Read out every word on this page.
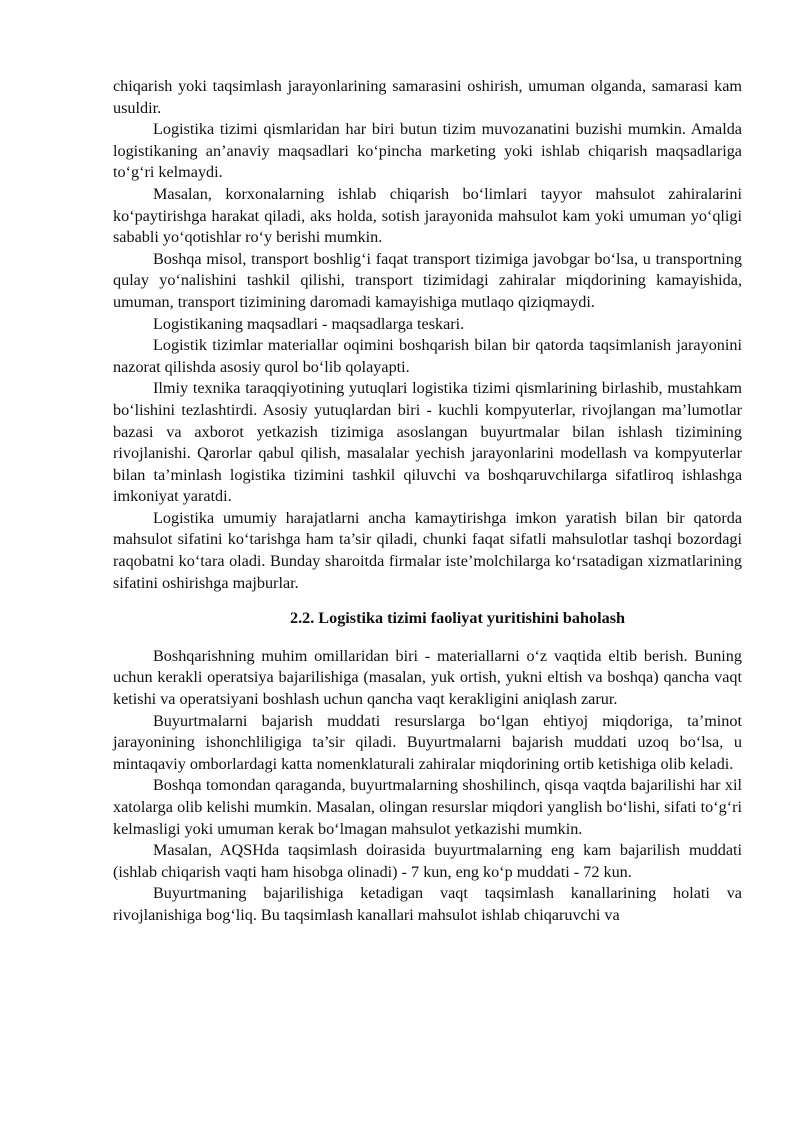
chiqarish yoki taqsimlash jarayonlarining samarasini oshirish, umuman olganda, samarasi kam usuldir.

Logistika tizimi qismlaridan har biri butun tizim muvozanatini buzishi mumkin. Amalda logistikaning an’anaviy maqsadlari ko‘pincha marketing yoki ishlab chiqarish maqsadlariga to‘g‘ri kelmaydi.

Masalan, korxonalarning ishlab chiqarish bo‘limlari tayyor mahsulot zahiralarini ko‘paytirishga harakat qiladi, aks holda, sotish jarayonida mahsulot kam yoki umuman yo‘qligi sababli yo‘qotishlar ro‘y berishi mumkin.

Boshqa misol, transport boshlig‘i faqat transport tizimiga javobgar bo‘lsa, u transportning qulay yo‘nalishini tashkil qilishi, transport tizimidagi zahiralar miqdorining kamayishida, umuman, transport tizimining daromadi kamayishiga mutlaqo qiziqmaydi.

Logistikaning maqsadlari - maqsadlarga teskari.

Logistik tizimlar materiallar oqimini boshqarish bilan bir qatorda taqsimlanish jarayonini nazorat qilishda asosiy qurol bo‘lib qolayapti.

Ilmiy texnika taraqqiyotining yutuqlari logistika tizimi qismlarining birlashib, mustahkam bo‘lishini tezlashtirdi. Asosiy yutuqlardan biri - kuchli kompyuterlar, rivojlangan ma’lumotlar bazasi va axborot yetkazish tizimiga asoslangan buyurtmalar bilan ishlash tizimining rivojlanishi. Qarorlar qabul qilish, masalalar yechish jarayonlarini modellash va kompyuterlar bilan ta’minlash logistika tizimini tashkil qiluvchi va boshqaruvchilarga sifatliroq ishlashga imkoniyat yaratdi.

Logistika umumiy harajatlarni ancha kamaytirishga imkon yaratish bilan bir qatorda mahsulot sifatini ko‘tarishga ham ta’sir qiladi, chunki faqat sifatli mahsulotlar tashqi bozordagi raqobatni ko‘tara oladi. Bunday sharoitda firmalar iste’molchilarga ko‘rsatadigan xizmatlarining sifatini oshirishga majburlar.

2.2. Logistika tizimi faoliyat yuritishini baholash

Boshqarishning muhim omillaridan biri - materiallarni o‘z vaqtida eltib berish. Buning uchun kerakli operatsiya bajarilishiga (masalan, yuk ortish, yukni eltish va boshqa) qancha vaqt ketishi va operatsiyani boshlash uchun qancha vaqt kerakligini aniqlash zarur.

Buyurtmalarni bajarish muddati resurslarga bo‘lgan ehtiyoj miqdoriga, ta’minot jarayonining ishonchliligiga ta’sir qiladi. Buyurtmalarni bajarish muddati uzoq bo‘lsa, u mintaqaviy omborlardagi katta nomenklaturali zahiralar miqdorining ortib ketishiga olib keladi.

Boshqa tomondan qaraganda, buyurtmalarning shoshilinch, qisqa vaqtda bajarilishi har xil xatolarga olib kelishi mumkin. Masalan, olingan resurslar miqdori yanglish bo‘lishi, sifati to‘g‘ri kelmasligi yoki umuman kerak bo‘lmagan mahsulot yetkazishi mumkin.

Masalan, AQSHda taqsimlash doirasida buyurtmalarning eng kam bajarilish muddati (ishlab chiqarish vaqti ham hisobga olinadi) - 7 kun, eng ko‘p muddati - 72 kun.

Buyurtmaning bajarilishiga ketadigan vaqt taqsimlash kanallarining holati va rivojlanishiga bog‘liq. Bu taqsimlash kanallari mahsulot ishlab chiqaruvchi va
